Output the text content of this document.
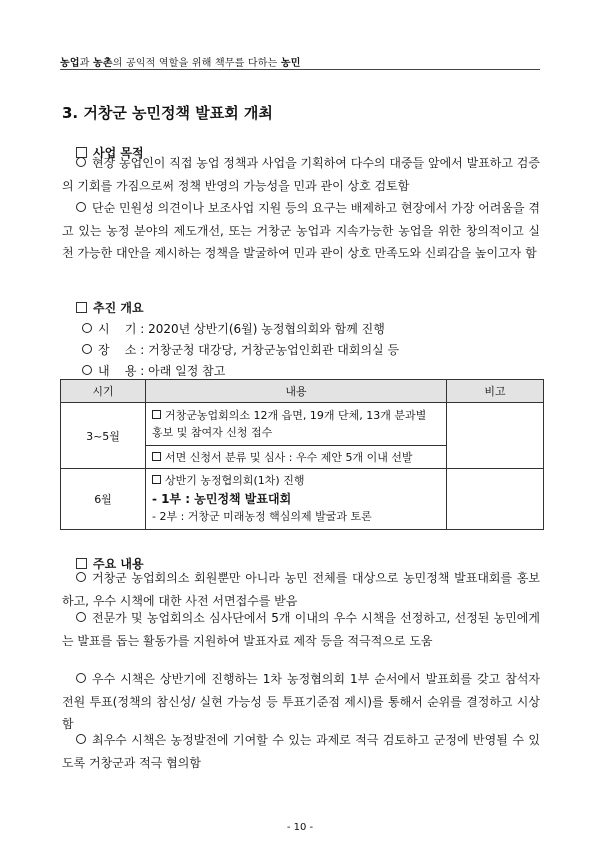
농업과 농촌의 공익적 역할을 위해 책무를 다하는 농민
3. 거창군 농민정책 발표회 개최
사업 목적

현장 농업인이 직접 농업 정책과 사업을 기획하여 다수의 대중들 앞에서 발표하고 검증의 기회를 가짐으로써 정책 반영의 가능성을 민과 관이 상호 검토함

단순 민원성 의견이나 보조사업 지원 등의 요구는 배제하고 현장에서 가장 어려움을 겪고 있는 농정 분야의 제도개선, 또는 거창군 농업과 지속가능한 농업을 위한 창의적이고 실천 가능한 대안을 제시하는 정책을 발굴하여 민과 관이 상호 만족도와 신뢰감을 높이고자 함

추진 개요
시    기 : 2020년 상반기(6월) 농정협의회와 함께 진행
장    소 : 거창군청 대강당, 거창군농업인회관 대회의실 등
내    용 : 아래 일정 참고
시기	내용	비고
3~5월	거창군농업회의소 12개 읍면, 19개 단체, 13개 분과별 홍보 및 참여자 신청 접수	
	서면 신청서 분류 및 심사 : 우수 제안 5개 이내 선발	
6월	상반기 농정협의회(1차) 진행
- 1부 : 농민정책 발표대회
- 2부 : 거창군 미래농정 핵심의제 발굴과 토론	

주요 내용

거창군 농업회의소 회원뿐만 아니라 농민 전체를 대상으로 농민정책 발표대회를 홍보하고, 우수 시책에 대한 사전 서면접수를 받음

전문가 및 농업회의소 심사단에서 5개 이내의 우수 시책을 선정하고, 선정된 농민에게는 발표를 돕는 활동가를 지원하여 발표자료 제작 등을 적극적으로 도움

우수 시책은 상반기에 진행하는 1차 농정협의회 1부 순서에서 발표회를 갖고 참석자 전원 투표(정책의 참신성/ 실현 가능성 등 투표기준점 제시)를 통해서 순위를 결정하고 시상함

최우수 시책은 농정발전에 기여할 수 있는 과제로 적극 검토하고 군정에 반영될 수 있도록 거창군과 적극 협의함

- 10 -
